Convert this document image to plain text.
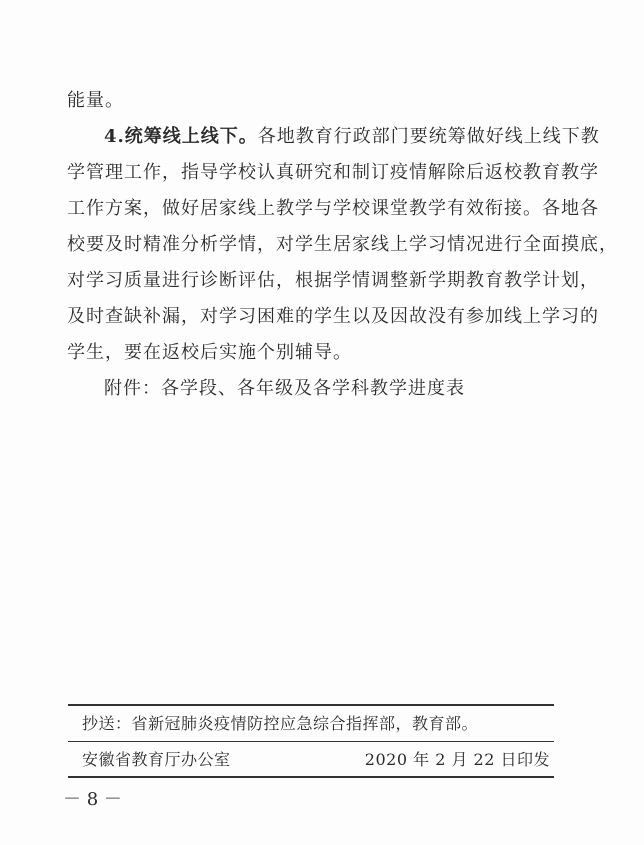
能量。
4.统筹线上线下。各地教育行政部门要统筹做好线上线下教
学管理工作，指导学校认真研究和制订疫情解除后返校教育教学
工作方案，做好居家线上教学与学校课堂教学有效衔接。各地各
校要及时精准分析学情，对学生居家线上学习情况进行全面摸底，
对学习质量进行诊断评估，根据学情调整新学期教育教学计划，
及时查缺补漏，对学习困难的学生以及因故没有参加线上学习的
学生，要在返校后实施个别辅导。
附件：各学段、各年级及各学科教学进度表
抄送：省新冠肺炎疫情防控应急综合指挥部，教育部。
安徽省教育厅办公室	2020 年 2 月 22 日印发
－ 8 －
